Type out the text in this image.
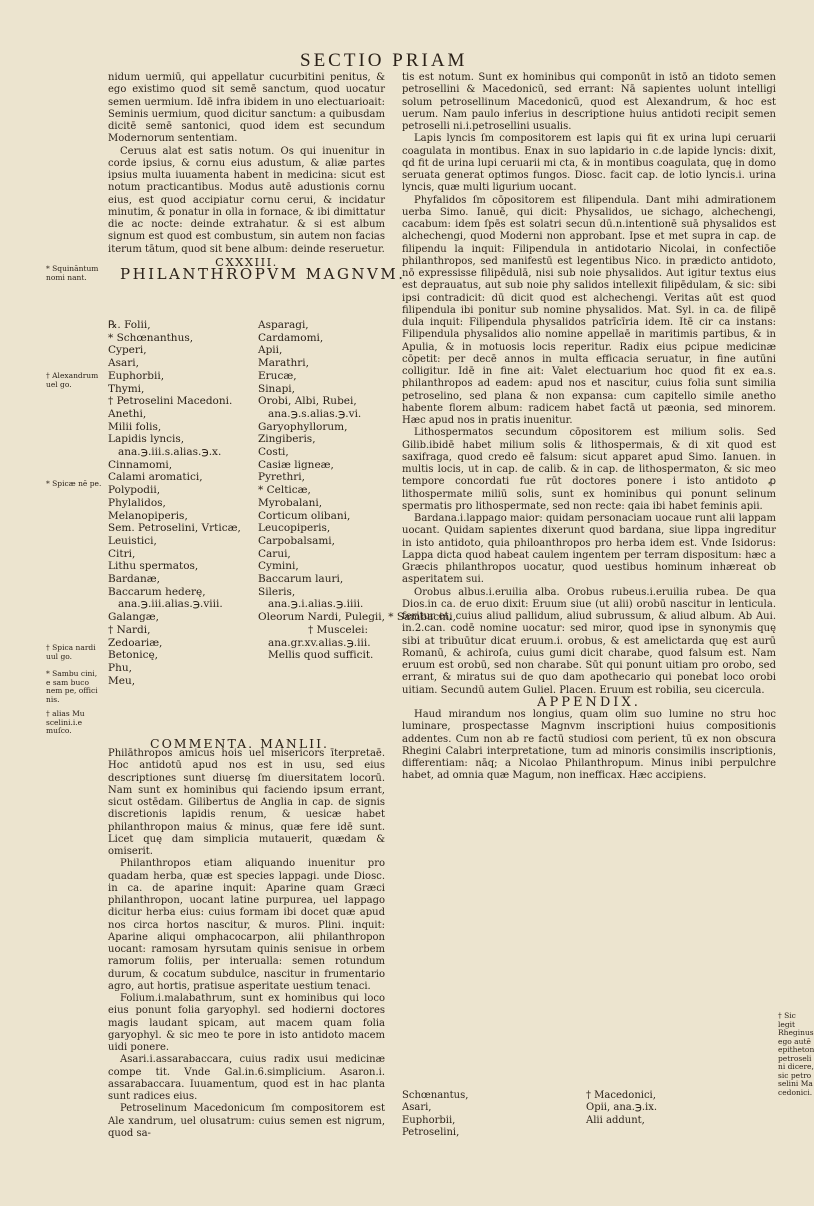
SECTIO PRIAM
* Squināntum nomi nant.
† Alexandrum uel go.
* Spicæ nē pe.
† Spica nardi uul go.
* Sambu cini, e sam buco nem pe, offici nis.
† alias Mu scelini.i.e muſco.
† Sic legit Rheginus ego autē epitheton petroseli ni dicere, sic petro selini Ma cedonici.

nidum uermiū, qui appellatur cucurbitini penitus, & ego existimo quod sit semē sanctum, quod uocatur semen uermium. Idē infra ibidem in uno electuarioait: Seminis uermium, quod dicitur sanctum: a quibusdam dicitē semē santonici, quod idem est secundum Modernorum sententiam.

Ceruus alat est satis notum. Os qui inuenitur in corde ipsius, & cornu eius adustum, & aliæ partes ipsius multa iuuamenta habent in medicina: sicut est notum practicantibus. Modus autē adustionis cornu eius, est quod accipiatur cornu cerui, & incidatur minutim, & ponatur in olla in fornace, & ibi dimittatur die ac nocte: deinde extrahatur. & si est album signum est quod est combustum, sin autem non facias iterum tātum, quod sit bene album: deinde reseruetur.

CXXXIII.

PHILANTHROPVM MAGNVM.

℞. Folii,
* Schœnanthus,
Cyperi,
Asari,
Euphorbii,
Thymi,
† Petroselini Macedoni.
Anethi,
Milii folis,
Lapidis lyncis,
ana.℈.iii.s.alias.℈.x.
Cinnamomi,
Calami aromatici,
Polypodii,
Phylalidos,
Melanopiperis,
Sem. Petroselini, Vrticæ,
Leuistici,
Citri,
Lithu spermatos,
Bardanæ,
Baccarum hederę,
ana.℈.iii.alias.℈.viii.
Galangæ,
† Nardi,
Zedoariæ,
Betonicę,
Phu,
Meu,
Asparagi,
Cardamomi,
Apii,
Marathri,
Erucæ,
Sinapi,
Orobi, Albi, Rubei,
ana.℈.s.alias.℈.vi.
Garyophyllorum,
Zingiberis,
Costi,
Casiæ ligneæ,
Pyrethri,
* Celticæ,
Myrobalani,
Corticum olibani,
Leucopiperis,
Carpobalsami,
Carui,
Cymini,
Baccarum lauri,
Sileris,
ana.℈.i.alias.℈.iiii.
Oleorum Nardi, Pulegii, * Sambacini,
† Muscelei:
ana.gr.xv.alias.℈.iii.
Mellis quod sufficit.
COMMENTA. MANLII.

Philāthropos amicus hois uel misericors īterpretaē. Hoc antidotū apud nos est in usu, sed eius descriptiones sunt diuersę ſm diuersitatem locorū. Nam sunt ex hominibus qui faciendo ipsum errant, sicut ostēdam. Gilibertus de Anglia in cap. de signis discretionis lapidis renum, & uesicæ habet philanthropon maius & minus, quæ fere idē sunt. Licet quę dam simplicia mutauerit, quædam & omiserit.

Philanthropos etiam aliquando inuenitur pro quadam herba, quæ est species lappagi. unde Diosc. in ca. de aparine inquit: Aparine quam Græci philanthropon, uocant latine purpurea, uel lappago dicitur herba eius: cuius formam ibi docet quæ apud nos circa hortos nascitur, & muros. Plini. inquit: Aparine aliqui omphacocarpon, alii philanthropon uocant: ramosam hyrsutam quinis senisue in orbem ramorum foliis, per interualla: semen rotundum durum, & cocatum subdulce, nascitur in frumentario agro, aut hortis, pratisue asperitate uestium tenaci.

Folium.i.malabathrum, sunt ex hominibus qui loco eius ponunt folia garyophyl. sed hodierni doctores magis laudant spicam, aut macem quam folia garyophyl. & sic meo te pore in isto antidoto macem uidi ponere.

Asari.i.assarabaccara, cuius radix usui medicinæ compe tit. Vnde Gal.in.6.simplicium. Asaron.i. assarabaccara. Iuuamentum, quod est in hac planta sunt radices eius.

Petroselinum Macedonicum ſm compositorem est Ale xandrum, uel olusatrum: cuius semen est nigrum, quod sa-

tis est notum. Sunt ex hominibus qui componūt in istō an tidoto semen petrosellini & Macedonicū, sed errant: Nā sapientes uolunt intelligi solum petrosellinum Macedonicū, quod est Alexandrum, & hoc est uerum. Nam paulo inferius in descriptione huius antidoti recipit semen petroselli ni.i.petrosellini usualis.

Lapis lyncis ſm compositorem est lapis qui fit ex urina lupi ceruarii coagulata in montibus. Enax in suo lapidario in c.de lapide lyncis: dixit, qd fit de urina lupi ceruarii mi cta, & in montibus coagulata, quę in domo seruata generat optimos fungos. Diosc. facit cap. de lotio lyncis.i. urina lyncis, quæ multi ligurium uocant.

Phyfalidos ſm cōpositorem est filipendula. Dant mihi admirationem uerba Simo. Ianuē, qui dicit: Physalidos, ue sichago, alchechengi, cacabum: idem ſpēs est solatri secun dū.n.intentionē suā physalidos est alchechengi, quod Moderni non approbant. Ipse et met supra in cap. de filipendu la inquit: Filipendula in antidotario Nicolai, in confectiōe philanthropos, sed manifestū est legentibus Nico. in prædicto antidoto, nō expressisse filipēdulā, nisi sub noie physalidos. Aut igitur textus eius est deprauatus, aut sub noie phy salidos intellexit filipēdulam, & sic: sibi ipsi contradicit: dū dicit quod est alchechengi. Veritas aūt est quod filipendula ibi ponitur sub nomine physalidos. Mat. Syl. in ca. de filipē dula inquit: Filipendula physalidos patrīcīria idem. Itē cir ca instans: Filipendula physalidos alio nomine appellaē in maritimis partibus, & in Apulia, & in motuosis locis reperitur. Radix eius ꝑcipue medicinæ cōpetit: per decē annos in multa efficacia seruatur, in fine autūni colligitur. Idē in fine ait: Valet electuarium hoc quod fit ex ea.s. philanthropos ad eadem: apud nos et nascitur, cuius folia sunt similia petroselino, sed plana & non expansa: cum capitello simile anetho habente florem album: radicem habet factā ut pæonia, sed minorem. Hæc apud nos in pratis inuenitur.

Lithospermatos secundum cōpositorem est milium solis. Sed Gilib.ibidē habet milium solis & lithospermais, & di xit quod est saxifraga, quod credo eē falsum: sicut apparet apud Simo. Ianuen. in multis locis, ut in cap. de calib. & in cap. de lithospermaton, & sic meo tempore concordati fue rūt doctores ponere i isto antidoto ꝓ lithospermate miliū solis, sunt ex hominibus qui ponunt selinum spermatis pro lithospermate, sed non recte: qaia ibi habet feminis apii.

Bardana.i.lappago maior: quidam personaciam uocaue runt alii lappam uocant. Quidam sapientes dixerunt quod bardana, siue lippa ingreditur in isto antidoto, quia philoanthropos pro herba idem est. Vnde Isidorus: Lappa dicta quod habeat caulem ingentem per terram dispositum: hæc a Græcis philanthropos uocatur, quod uestibus hominum inhæreat ob asperitatem sui.

Orobus albus.i.eruilia alba. Orobus rubeus.i.eruilia rubea. De qua Dios.in ca. de eruo dixit: Eruum siue (ut alii) orobū nascitur in lenticula. feritur et, cuius aliud pallidum, aliud subrussum, & aliud album. Ab Aui. in.2.can. codē nomine uocatur: sed miror, quod ipse in synonymis quę sibi at tribuūtur dicat eruum.i. orobus, & est amelictarda quę est aurū Romanū, & achiroſa, cuius gumi dicit charabe, quod falsum est. Nam eruum est orobū, sed non charabe. Sūt qui ponunt uitiam pro orobo, sed errant, & miratus sui de quo dam apothecario qui ponebat loco orobi uitiam. Secundū autem Guliel. Placen. Eruum est robilia, seu cicercula.

APPENDIX.

Haud mirandum nos longius, quam olim suo lumine no stru hoc luminare, prospectasse Magnvm inscriptioni huius compositionis addentes. Cum non ab re factū studiosi com perient, tū ex non obscura Rhegini Calabri interpretatione, tum ad minoris consimilis inscriptionis, differentiam: nāq; a Nicolao Philanthropum. Minus inibi perpulchre habet, ad omnia quæ Magum, non inefficax. Hæc accipiens.

Schœnantus,
Asari,
Euphorbii,
Petroselini,
† Macedonici,
Opii, ana.℈.ix.
Alii addunt,
